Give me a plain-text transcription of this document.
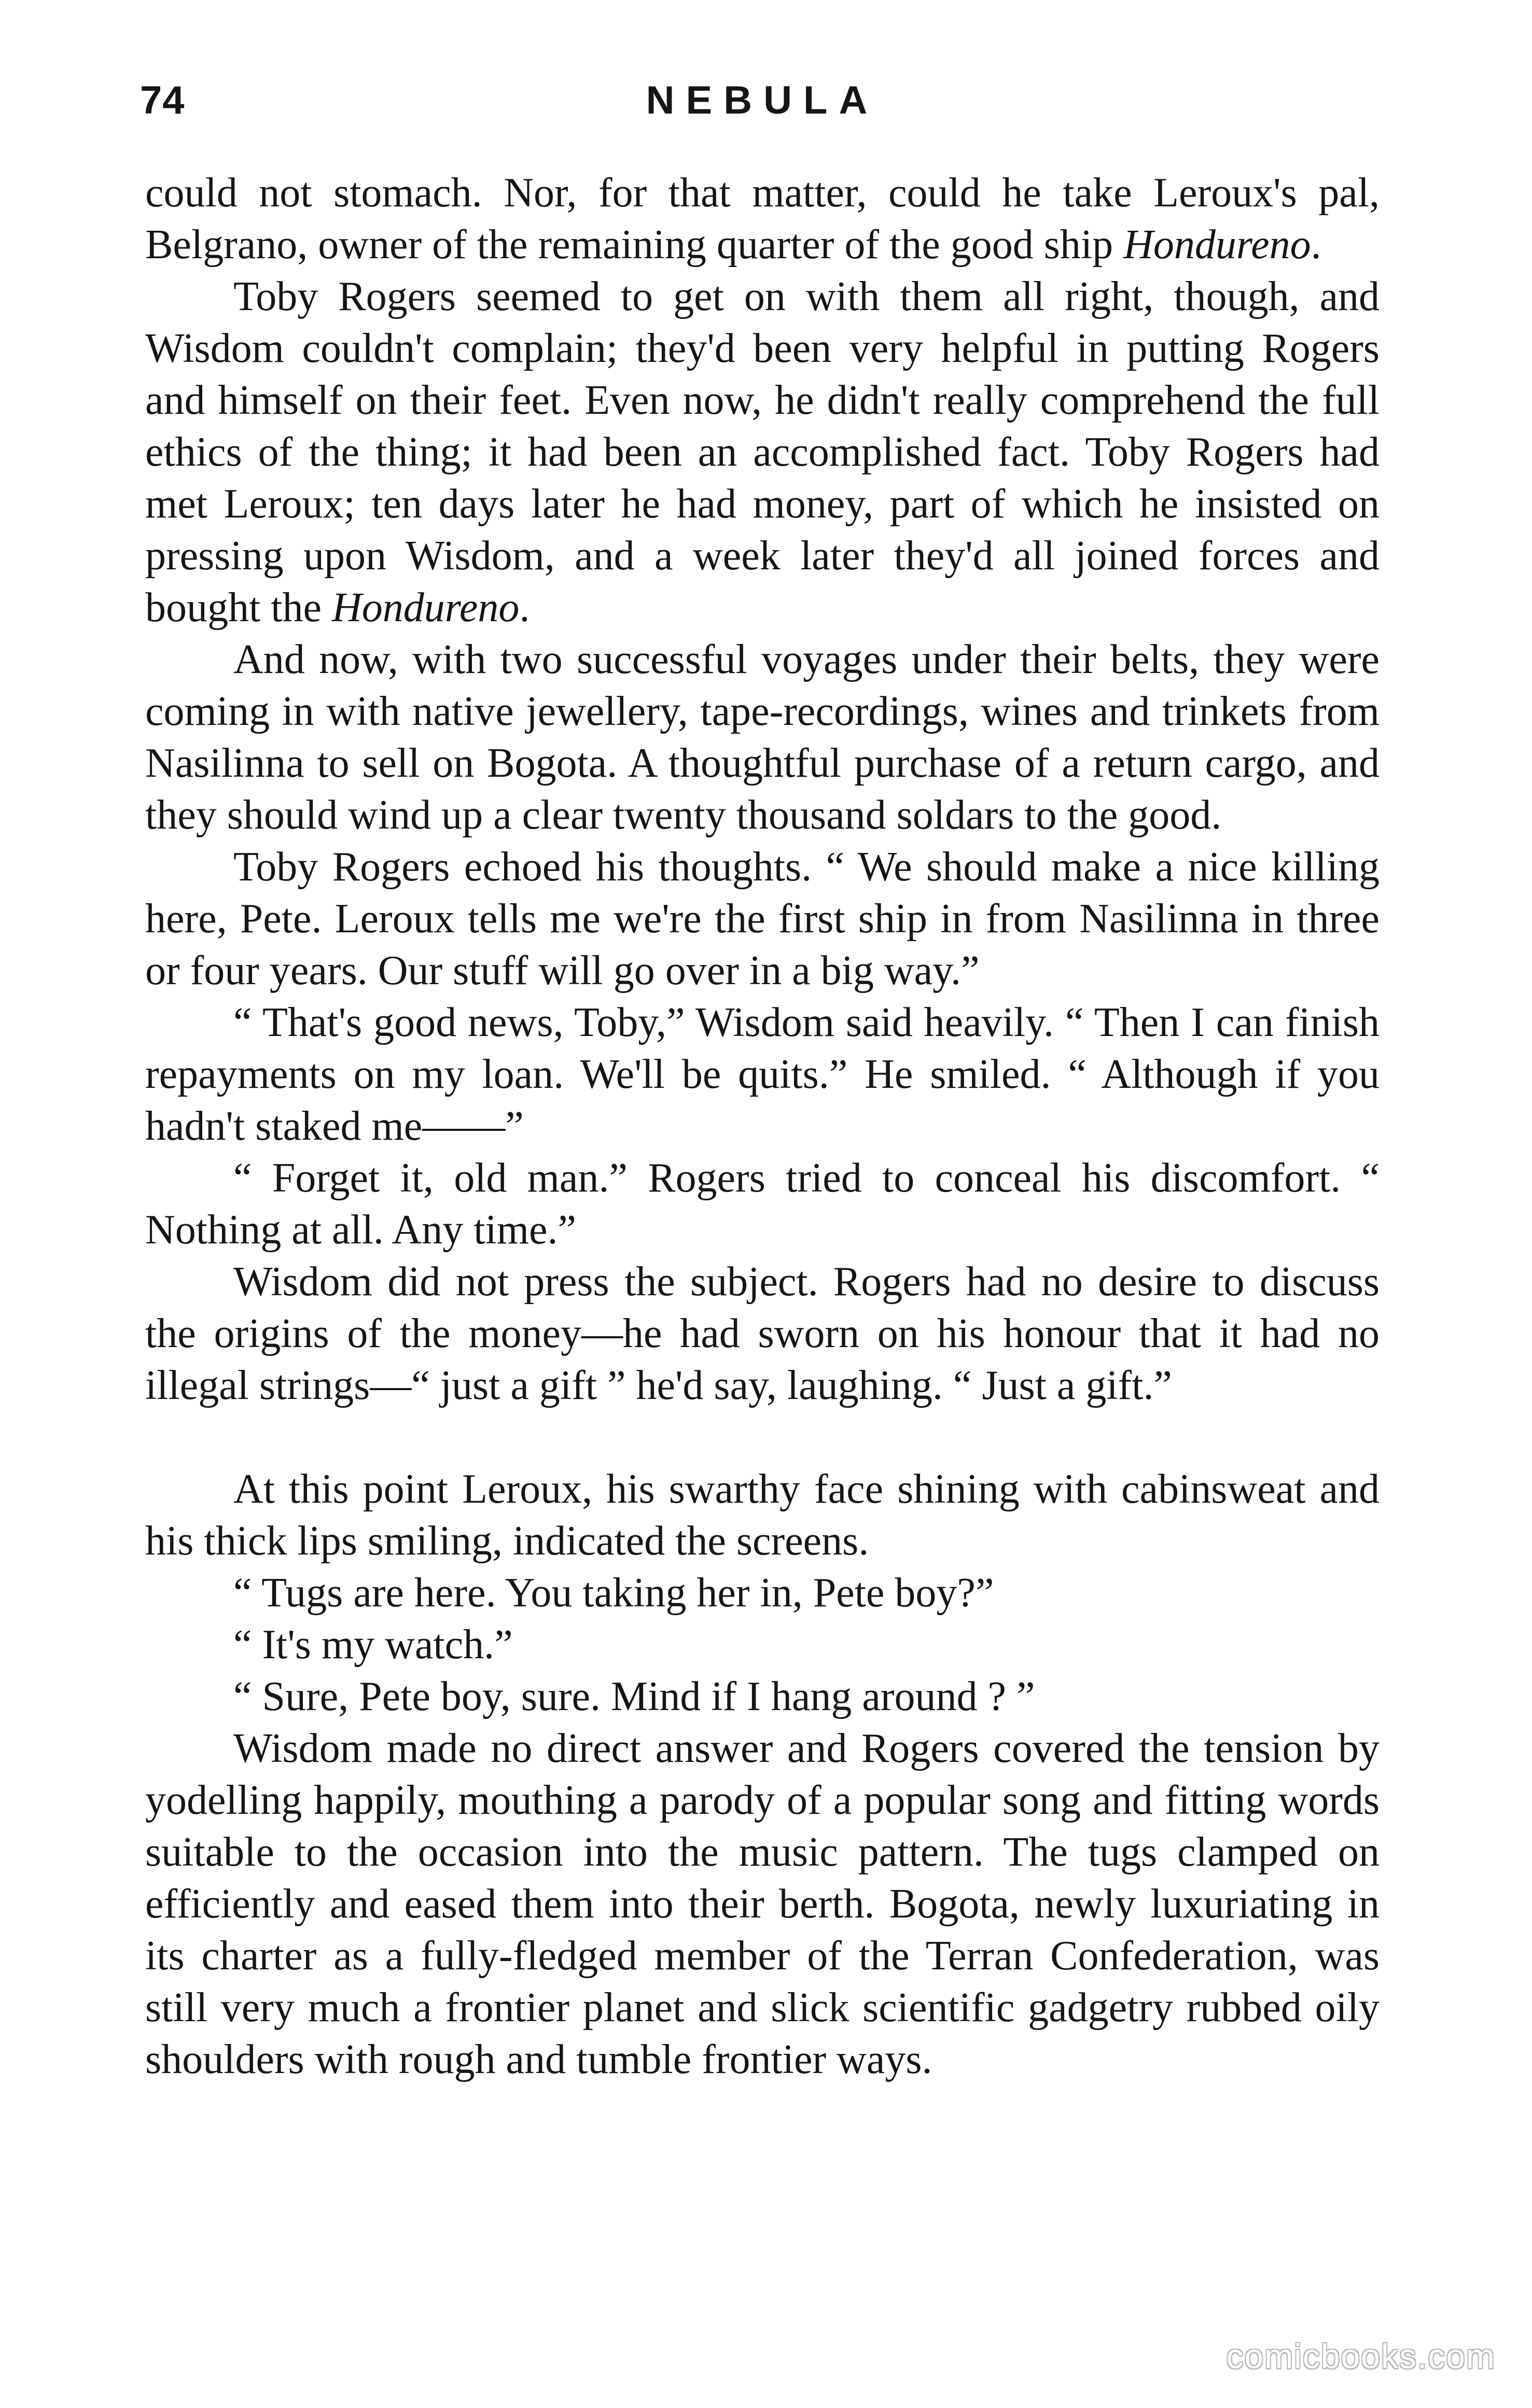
74	NEBULA

could not stomach. Nor, for that matter, could he take Leroux's pal, Belgrano, owner of the remaining quarter of the good ship Hondureno.

Toby Rogers seemed to get on with them all right, though, and Wisdom couldn't complain; they'd been very helpful in putting Rogers and himself on their feet. Even now, he didn't really comprehend the full ethics of the thing; it had been an accomplished fact. Toby Rogers had met Leroux; ten days later he had money, part of which he insisted on pressing upon Wisdom, and a week later they'd all joined forces and bought the Hondureno.

And now, with two successful voyages under their belts, they were coming in with native jewellery, tape-recordings, wines and trinkets from Nasilinna to sell on Bogota. A thoughtful purchase of a return cargo, and they should wind up a clear twenty thousand soldars to the good.

Toby Rogers echoed his thoughts. “ We should make a nice killing here, Pete. Leroux tells me we're the first ship in from Nasilinna in three or four years. Our stuff will go over in a big way.”

“ That's good news, Toby,” Wisdom said heavily. “ Then I can finish repayments on my loan. We'll be quits.” He smiled. “ Although if you hadn't staked me——”

“ Forget it, old man.” Rogers tried to conceal his discomfort. “ Nothing at all. Any time.”

Wisdom did not press the subject. Rogers had no desire to discuss the origins of the money—he had sworn on his honour that it had no illegal strings—“ just a gift ” he'd say, laughing. “ Just a gift.”

At this point Leroux, his swarthy face shining with cabinsweat and his thick lips smiling, indicated the screens.

“ Tugs are here. You taking her in, Pete boy?”

“ It's my watch.”

“ Sure, Pete boy, sure. Mind if I hang around ? ”

Wisdom made no direct answer and Rogers covered the tension by yodelling happily, mouthing a parody of a popular song and fitting words suitable to the occasion into the music pattern. The tugs clamped on efficiently and eased them into their berth. Bogota, newly luxuriating in its charter as a fully-fledged member of the Terran Confederation, was still very much a frontier planet and slick scientific gadgetry rubbed oily shoulders with rough and tumble frontier ways.

comicbooks.com
